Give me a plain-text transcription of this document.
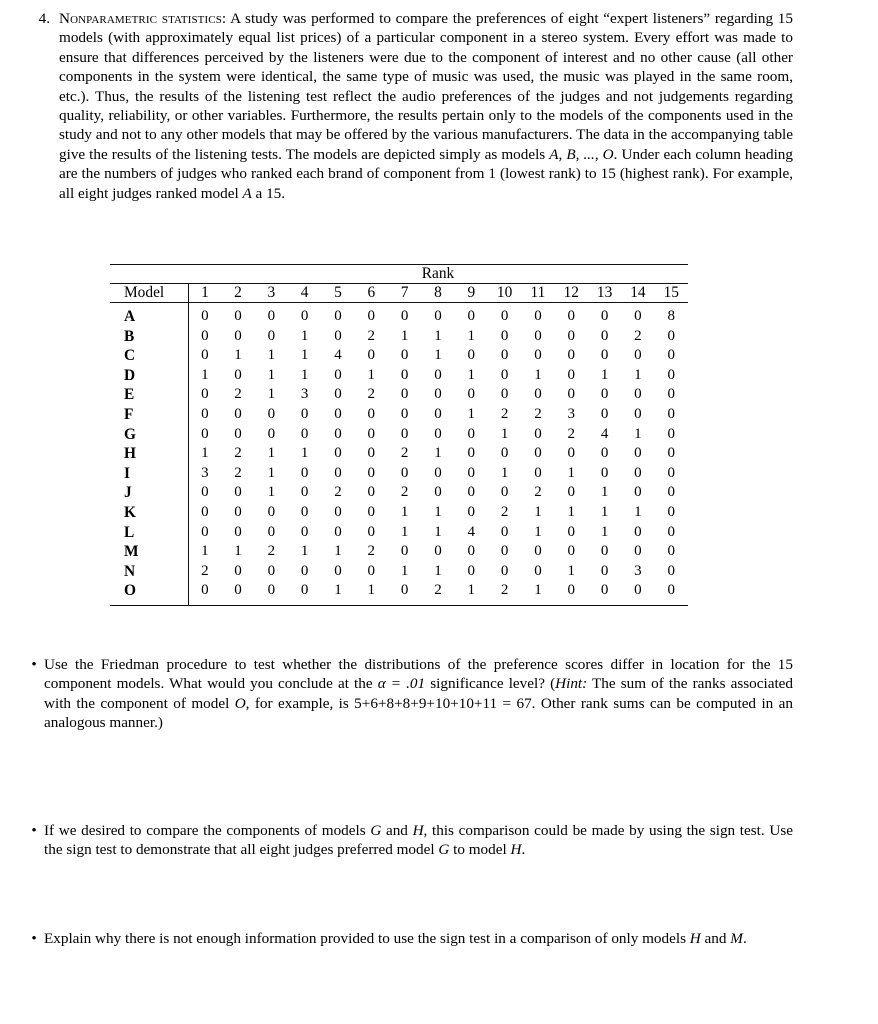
4. Nonparametric statistics: A study was performed to compare the preferences of eight “expert listeners” regarding 15 models (with approximately equal list prices) of a particular component in a stereo system. Every effort was made to ensure that differences perceived by the listeners were due to the component of interest and no other cause (all other components in the system were identical, the same type of music was used, the music was played in the same room, etc.). Thus, the results of the listening test reflect the audio preferences of the judges and not judgements regarding quality, reliability, or other variables. Furthermore, the results pertain only to the models of the components used in the study and not to any other models that may be offered by the various manufacturers. The data in the accompanying table give the results of the listening tests. The models are depicted simply as models A, B, ..., O. Under each column heading are the numbers of judges who ranked each brand of component from 1 (lowest rank) to 15 (highest rank). For example, all eight judges ranked model A a 15.

	Rank														

Model	1	2	3	4	5	6	7	8	9	10	11	12	13	14	15

A	0	0	0	0	0	0	0	0	0	0	0	0	0	0	8
B	0	0	0	1	0	2	1	1	1	0	0	0	0	2	0
C	0	1	1	1	4	0	0	1	0	0	0	0	0	0	0
D	1	0	1	1	0	1	0	0	1	0	1	0	1	1	0
E	0	2	1	3	0	2	0	0	0	0	0	0	0	0	0
F	0	0	0	0	0	0	0	0	1	2	2	3	0	0	0
G	0	0	0	0	0	0	0	0	0	1	0	2	4	1	0
H	1	2	1	1	0	0	2	1	0	0	0	0	0	0	0
I	3	2	1	0	0	0	0	0	0	1	0	1	0	0	0
J	0	0	1	0	2	0	2	0	0	0	2	0	1	0	0
K	0	0	0	0	0	0	1	1	0	2	1	1	1	1	0
L	0	0	0	0	0	0	1	1	4	0	1	0	1	0	0
M	1	1	2	1	1	2	0	0	0	0	0	0	0	0	0
N	2	0	0	0	0	0	1	1	0	0	0	1	0	3	0
O	0	0	0	0	1	1	0	2	1	2	1	0	0	0	0

• Use the Friedman procedure to test whether the distributions of the preference scores differ in location for the 15 component models. What would you conclude at the α = .01 significance level? (Hint: The sum of the ranks associated with the component of model O, for example, is 5+6+8+8+9+10+10+11 = 67. Other rank sums can be computed in an analogous manner.)
• If we desired to compare the components of models G and H, this comparison could be made by using the sign test. Use the sign test to demonstrate that all eight judges preferred model G to model H.
• Explain why there is not enough information provided to use the sign test in a comparison of only models H and M.
